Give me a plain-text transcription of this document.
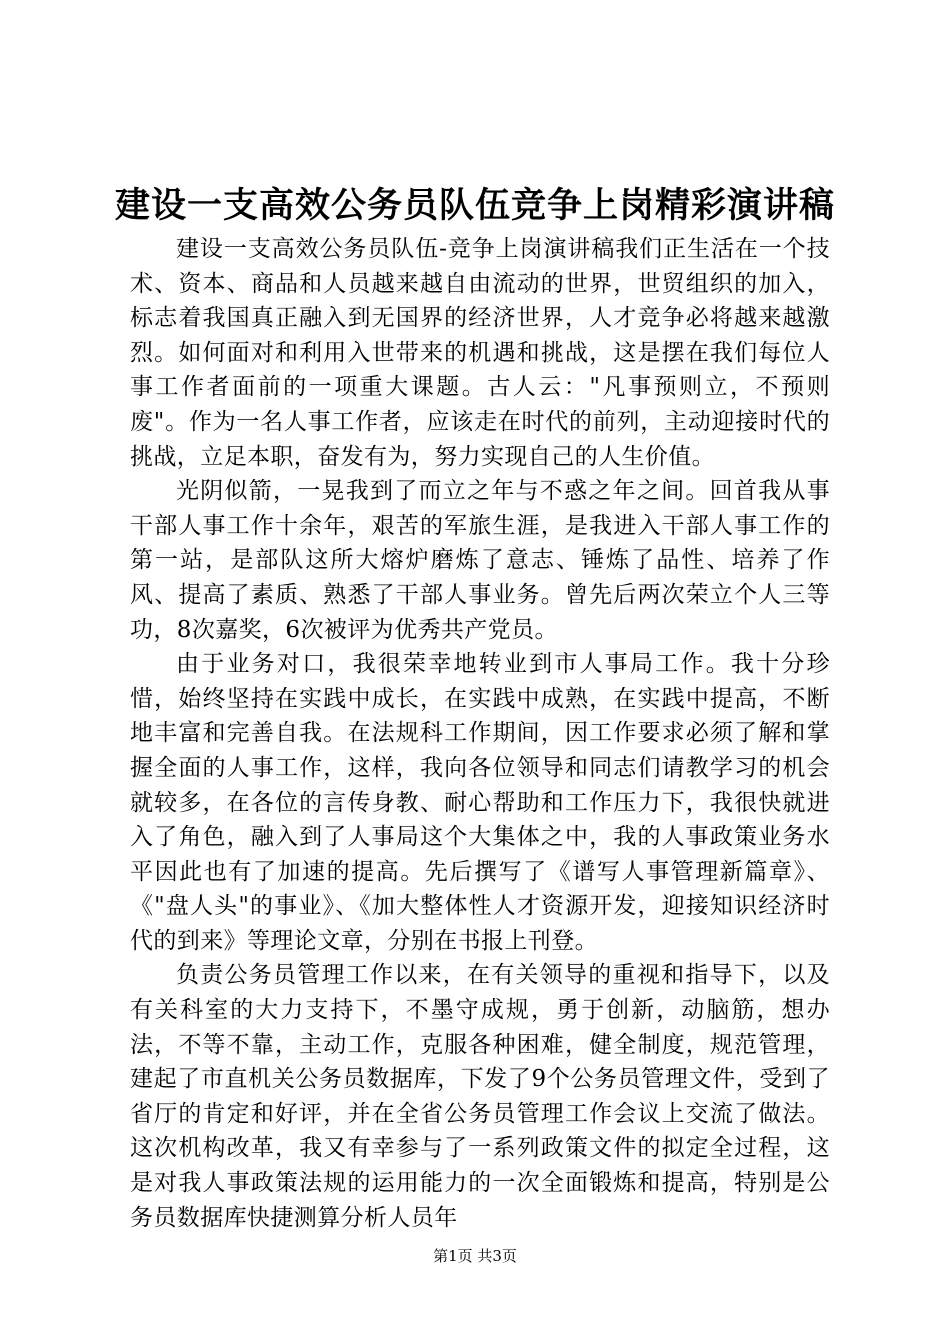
建设一支高效公务员队伍竞争上岗精彩演讲稿

建设一支高效公务员队伍-竞争上岗演讲稿我们正生活在一个技术、资本、商品和人员越来越自由流动的世界，世贸组织的加入，标志着我国真正融入到无国界的经济世界，人才竞争必将越来越激烈。如何面对和利用入世带来的机遇和挑战，这是摆在我们每位人事工作者面前的一项重大课题。古人云："凡事预则立，不预则废"。作为一名人事工作者，应该走在时代的前列，主动迎接时代的挑战，立足本职，奋发有为，努力实现自己的人生价值。

光阴似箭，一晃我到了而立之年与不惑之年之间。回首我从事干部人事工作十余年，艰苦的军旅生涯，是我进入干部人事工作的第一站，是部队这所大熔炉磨炼了意志、锤炼了品性、培养了作风、提高了素质、熟悉了干部人事业务。曾先后两次荣立个人三等功，8次嘉奖，6次被评为优秀共产党员。

由于业务对口，我很荣幸地转业到市人事局工作。我十分珍惜，始终坚持在实践中成长，在实践中成熟，在实践中提高，不断地丰富和完善自我。在法规科工作期间，因工作要求必须了解和掌握全面的人事工作，这样，我向各位领导和同志们请教学习的机会就较多，在各位的言传身教、耐心帮助和工作压力下，我很快就进入了角色，融入到了人事局这个大集体之中，我的人事政策业务水平因此也有了加速的提高。先后撰写了《谱写人事管理新篇章》、《"盘人头"的事业》、《加大整体性人才资源开发，迎接知识经济时代的到来》等理论文章，分别在书报上刊登。

负责公务员管理工作以来，在有关领导的重视和指导下，以及有关科室的大力支持下，不墨守成规，勇于创新，动脑筋，想办法，不等不靠，主动工作，克服各种困难，健全制度，规范管理，建起了市直机关公务员数据库，下发了9个公务员管理文件，受到了省厅的肯定和好评，并在全省公务员管理工作会议上交流了做法。这次机构改革，我又有幸参与了一系列政策文件的拟定全过程，这是对我人事政策法规的运用能力的一次全面锻炼和提高，特别是公务员数据库快捷测算分析人员年

第1页 共3页
